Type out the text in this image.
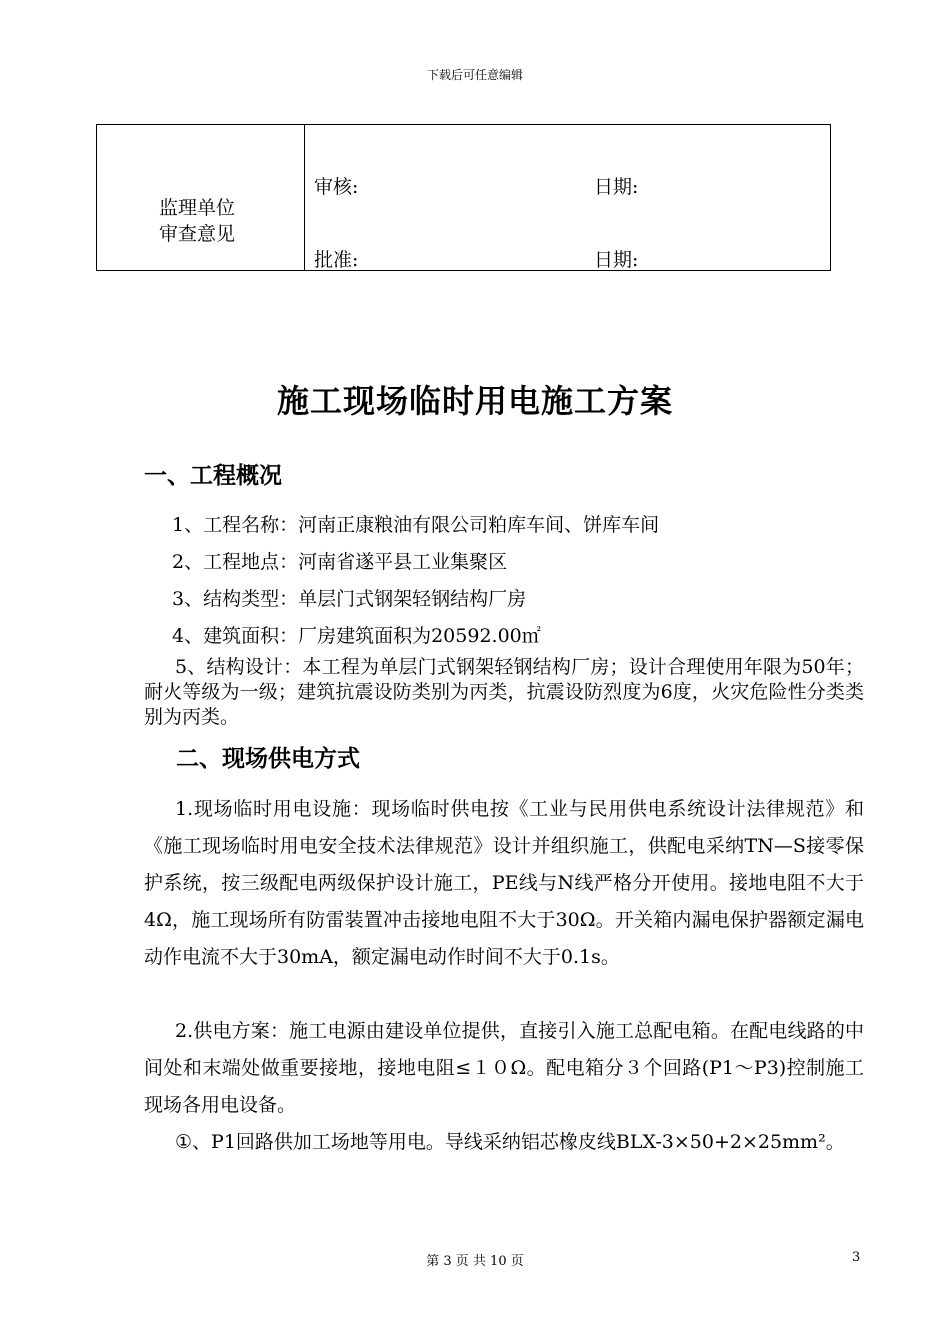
下载后可任意编辑
监理单位
审查意见
审核:	日期:
批准:	日期:
施工现场临时用电施工方案
一、工程概况
1、工程名称：河南正康粮油有限公司粕库车间、饼库车间
2、工程地点：河南省遂平县工业集聚区
3、结构类型：单层门式钢架轻钢结构厂房
4、建筑面积：厂房建筑面积为20592.00㎡
5、结构设计：本工程为单层门式钢架轻钢结构厂房；设计合理使用年限为50年；耐火等级为一级；建筑抗震设防类别为丙类，抗震设防烈度为6度，火灾危险性分类类别为丙类。
二、现场供电方式
1.现场临时用电设施：现场临时供电按《工业与民用供电系统设计法律规范》和《施工现场临时用电安全技术法律规范》设计并组织施工，供配电采纳TN—S接零保护系统，按三级配电两级保护设计施工，PE线与N线严格分开使用。接地电阻不大于4Ω，施工现场所有防雷装置冲击接地电阻不大于30Ω。开关箱内漏电保护器额定漏电动作电流不大于30mA，额定漏电动作时间不大于0.1s。
2.供电方案：施工电源由建设单位提供，直接引入施工总配电箱。在配电线路的中间处和末端处做重要接地，接地电阻≤１０Ω。配电箱分３个回路(P1～P3)控制施工现场各用电设备。
①、P1回路供加工场地等用电。导线采纳铝芯橡皮线BLX-3×50+2×25mm²。
第 3 页 共 10 页	3
